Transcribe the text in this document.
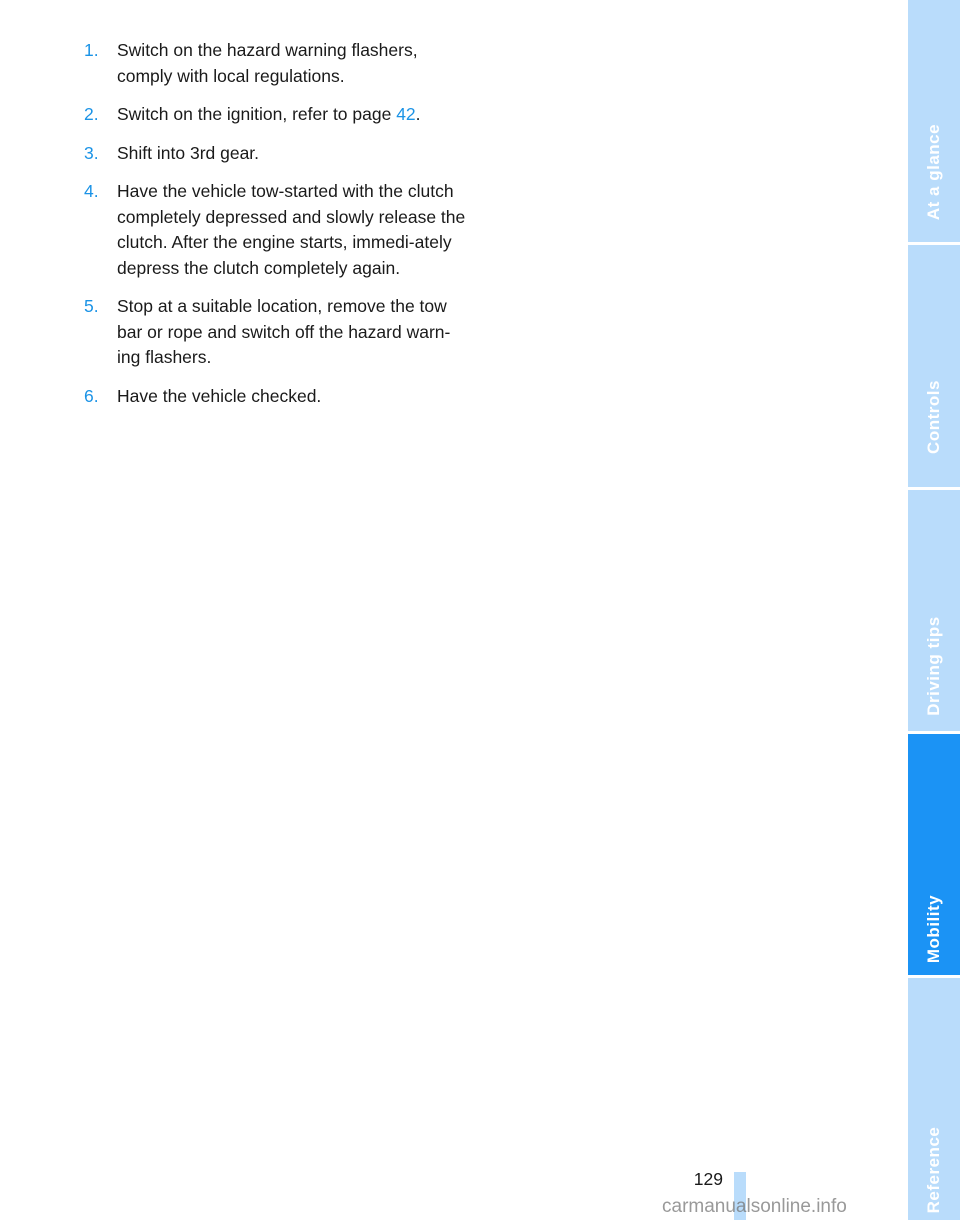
1.	Switch on the hazard warning flashers, comply with local regulations.
2.	Switch on the ignition, refer to page 42.
3.	Shift into 3rd gear.
4.	Have the vehicle tow-started with the clutch completely depressed and slowly release the clutch. After the engine starts, immedi-ately depress the clutch completely again.
5.	Stop at a suitable location, remove the tow bar or rope and switch off the hazard warn-ing flashers.
6.	Have the vehicle checked.
129
At a glance
Controls
Driving tips
Mobility
Reference
carmanualsonline.info
